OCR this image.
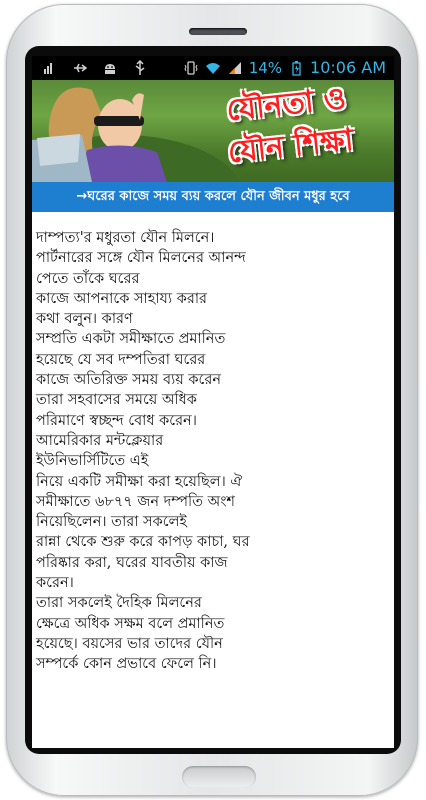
14% 10:06 AM
যৌনতা ও
যৌন শিক্ষা
→ঘরের কাজে সময় ব্যয় করলে যৌন জীবন মধুর হবে

দাম্পত্য'র মধুরতা যৌন মিলনে।

পার্টনারের সঙ্গে যৌন মিলনের আনন্দ

পেতে তাঁকে ঘরের

কাজে আপনাকে সাহায্য করার

কথা বলুন। কারণ

সম্প্রতি একটা সমীক্ষাতে প্রমানিত

হয়েছে যে সব দম্পতিরা ঘরের

কাজে অতিরিক্ত সময় ব্যয় করেন

তারা সহবাসের সময়ে অধিক

পরিমাণে স্বচ্ছন্দ বোধ করেন।

আমেরিকার মন্টক্লেয়ার

ইউনিভার্সিটিতে এই

নিয়ে একটি সমীক্ষা করা হয়েছিল। ঐ

সমীক্ষাতে ৬৮৭৭ জন দম্পতি অংশ

নিয়েছিলেন। তারা সকলেই

রান্না থেকে শুরু করে কাপড় কাচা, ঘর

পরিষ্কার করা, ঘরের যাবতীয় কাজ

করেন।

তারা সকলেই দৈহিক মিলনের

ক্ষেত্রে অধিক সক্ষম বলে প্রমানিত

হয়েছে। বয়সের ভার তাদের যৌন

সম্পর্কে কোন প্রভাবে ফেলে নি।
